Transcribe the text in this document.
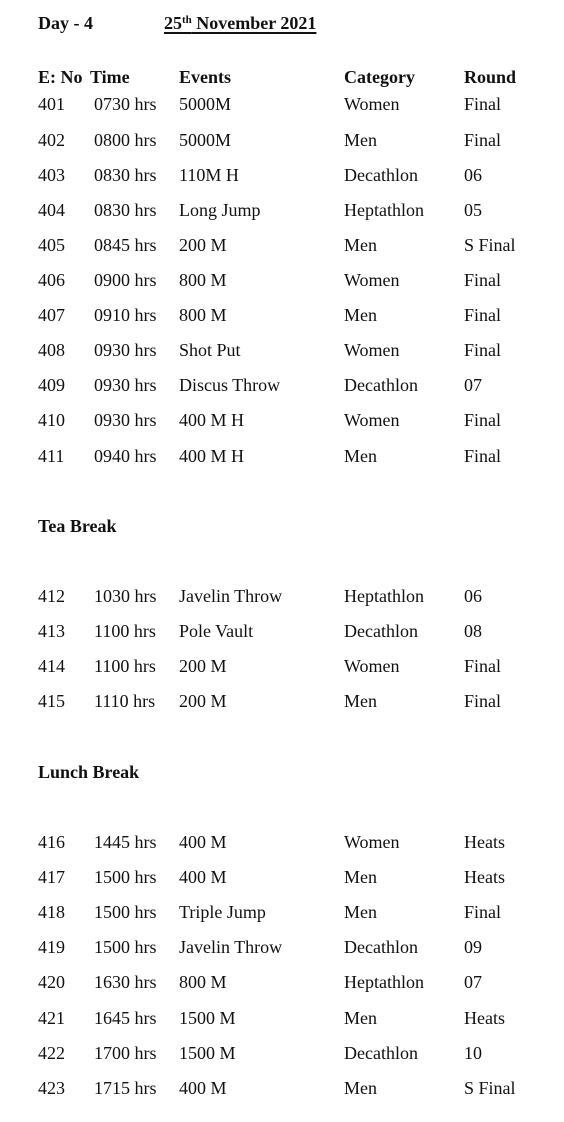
Day - 4	25th November 2021
E: No Time	Events	Category	Round
401 0730 hrs 5000M	Women	Final
402 0800 hrs 5000M	Men	Final
403 0830 hrs 110M H	Decathlon	06
404 0830 hrs Long Jump	Heptathlon 05
405 0845 hrs 200 M	Men	S Final
406 0900 hrs 800 M	Women	Final
407 0910 hrs 800 M	Men	Final
408 0930 hrs Shot Put	Women	Final
409 0930 hrs Discus Throw	Decathlon	07
410 0930 hrs 400 M H	Women	Final
411 0940 hrs 400 M H	Men	Final
Tea Break
412 1030 hrs Javelin Throw	Heptathlon 06
413 1100 hrs Pole Vault	Decathlon	08
414 1100 hrs 200 M	Women	Final
415 1110 hrs 200 M	Men	Final
Lunch Break
416 1445 hrs 400 M	Women	Heats
417 1500 hrs 400 M	Men	Heats
418 1500 hrs Triple Jump	Men	Final
419 1500 hrs Javelin Throw	Decathlon	09
420 1630 hrs 800 M	Heptathlon 07
421 1645 hrs 1500 M	Men	Heats
422 1700 hrs 1500 M	Decathlon	10
423 1715 hrs 400 M	Men	S Final
